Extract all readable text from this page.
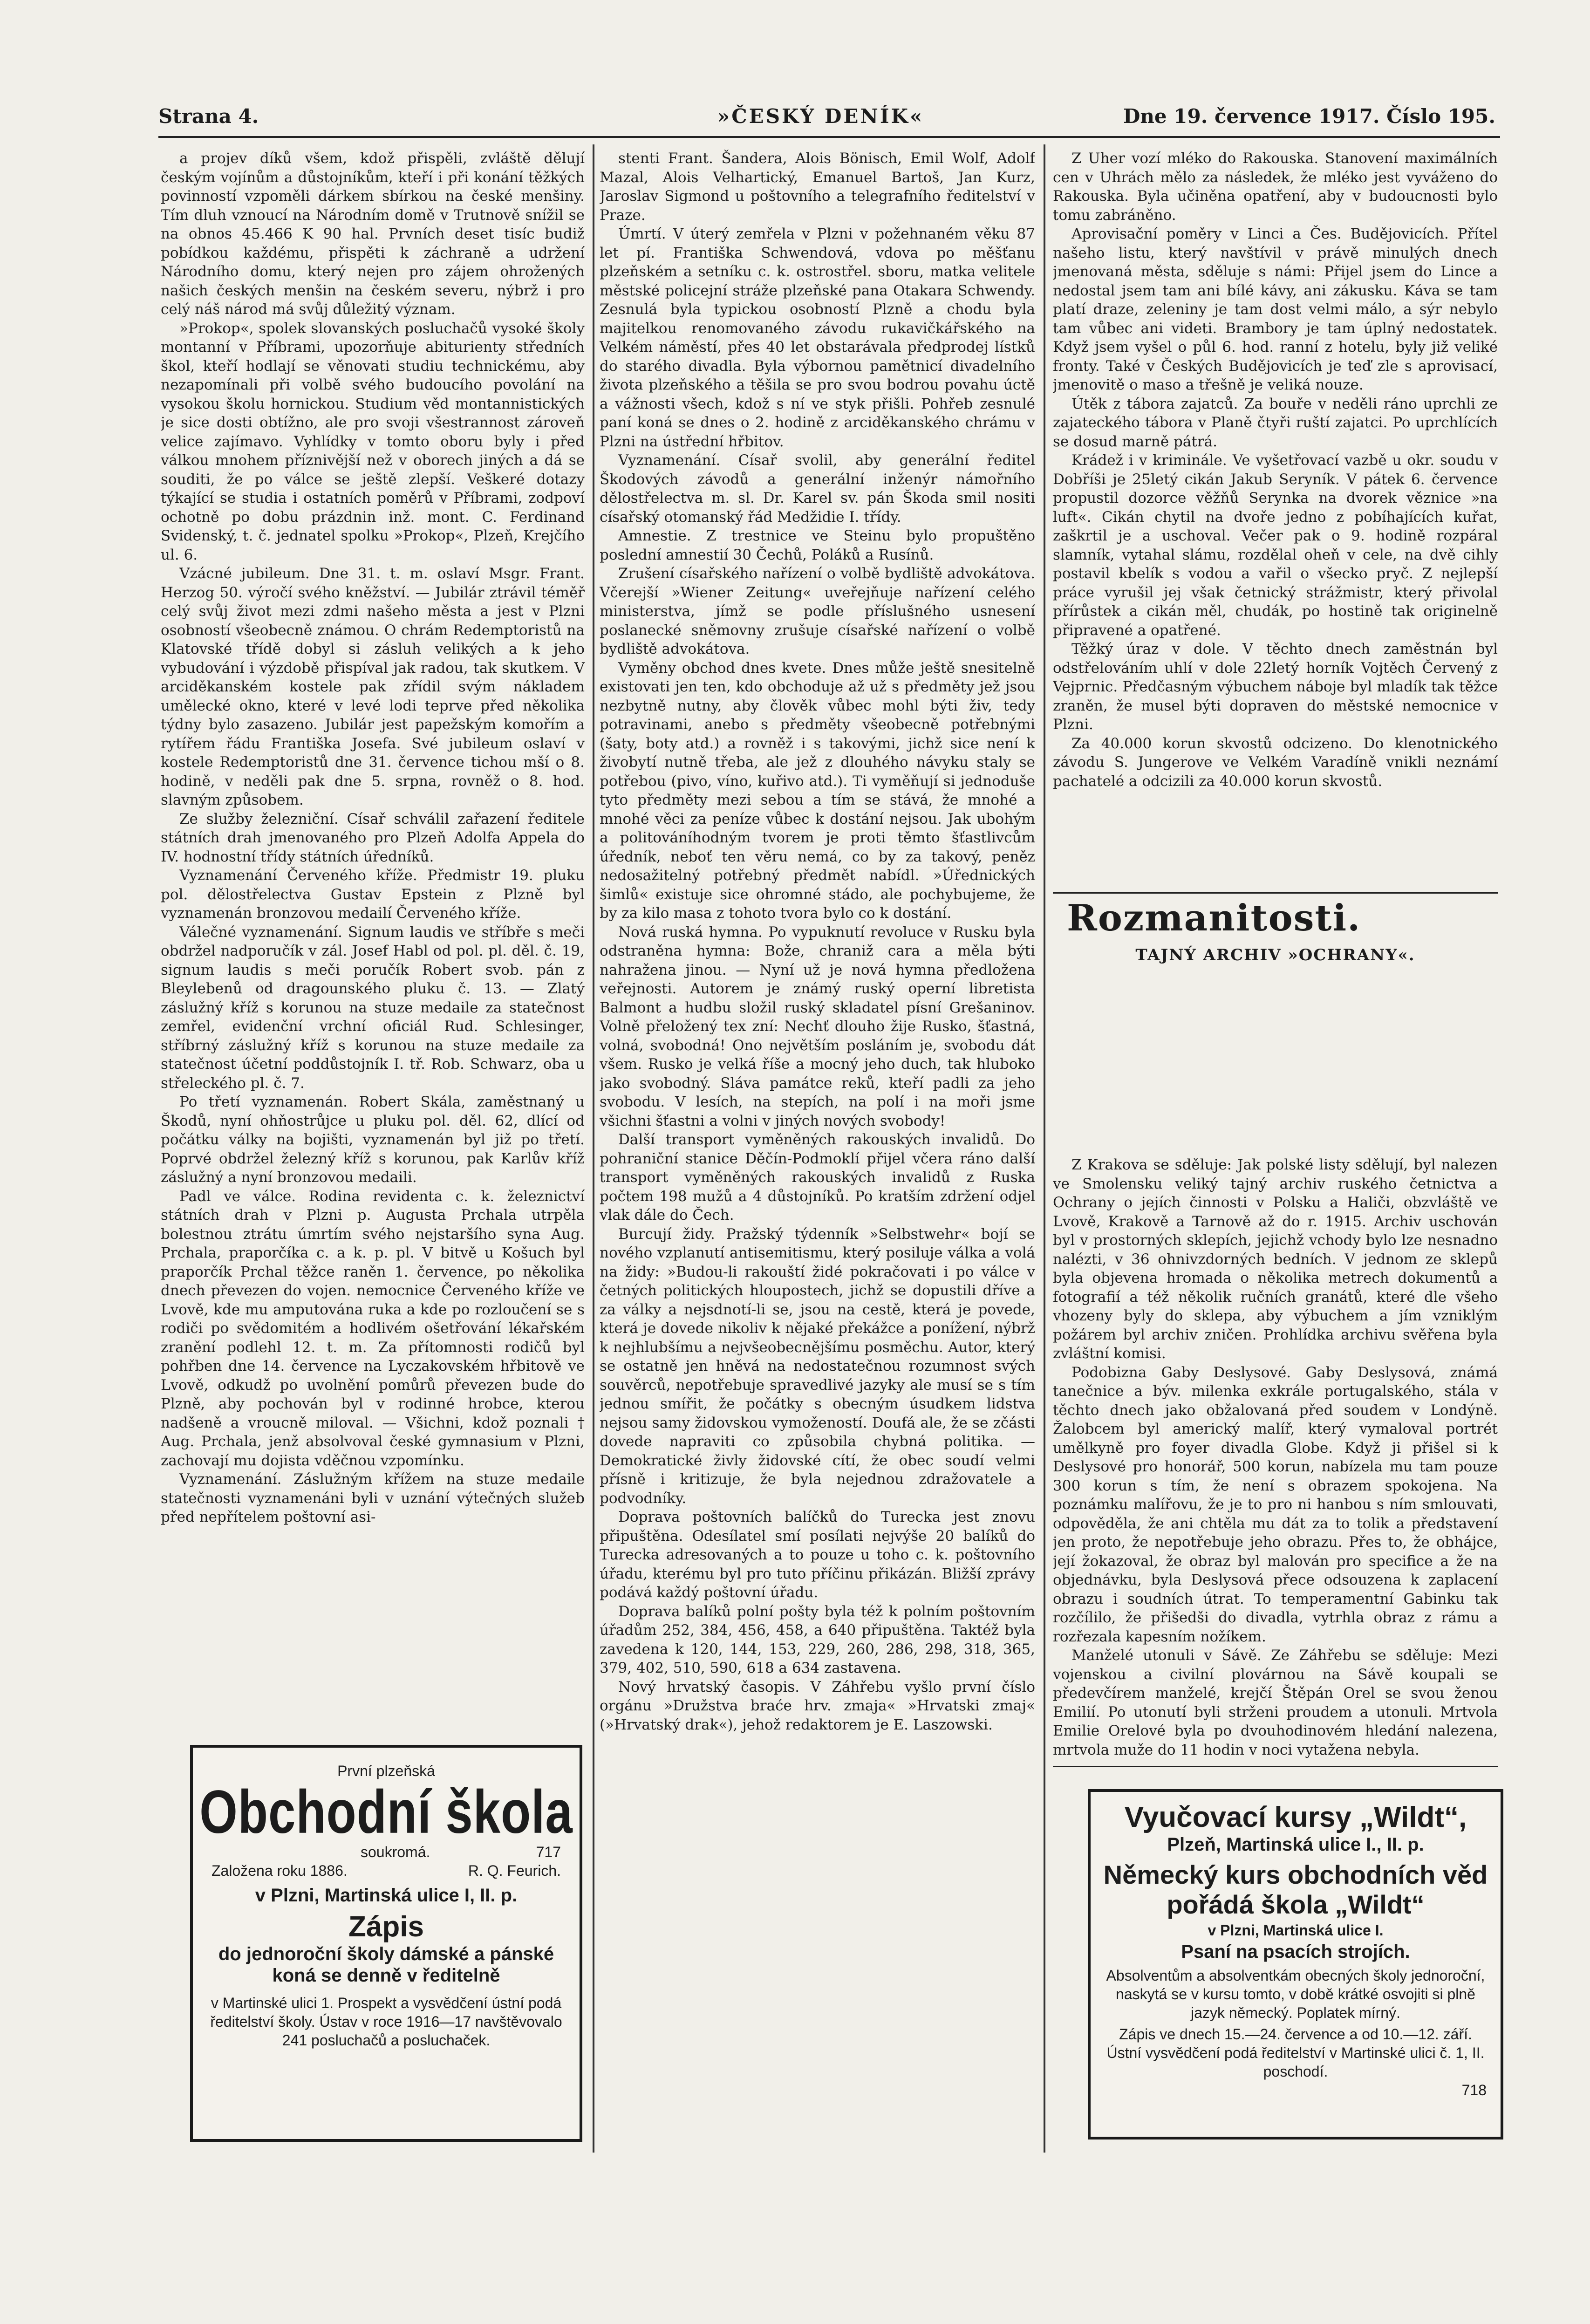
Strana 4.	»ČESKÝ DENÍK«	Dne 19. července 1917. Číslo 195.

a projev díků všem, kdož přispěli, zvláště dělují českým vojínům a důstojníkům, kteří i při konání těžkých povinností vzpoměli dárkem sbírkou na české menšiny. Tím dluh vznoucí na Národním domě v Trutnově snížil se na obnos 45.466 K 90 hal. Prvních deset tisíc budiž pobídkou každému, přispěti k záchraně a udržení Národního domu, který nejen pro zájem ohrožených našich českých menšin na českém severu, nýbrž i pro celý náš národ má svůj důležitý význam.

»Prokop«, spolek slovanských posluchačů vysoké školy montanní v Příbrami, upozorňuje abiturienty středních škol, kteří hodlají se věnovati studiu technickému, aby nezapomínali při volbě svého budoucího povolání na vysokou školu hornickou. Studium věd montannistických je sice dosti obtížno, ale pro svoji všestrannost zároveň velice zajímavo. Vyhlídky v tomto oboru byly i před válkou mnohem příznivější než v oborech jiných a dá se souditi, že po válce se ještě zlepší. Veškeré dotazy týkající se studia i ostatních poměrů v Příbrami, zodpoví ochotně po dobu prázdnin inž. mont. C. Ferdinand Svidenský, t. č. jednatel spolku »Prokop«, Plzeň, Krejčího ul. 6.

Vzácné jubileum. Dne 31. t. m. oslaví Msgr. Frant. Herzog 50. výročí svého kněžství. — Jubilár ztrávil téměř celý svůj život mezi zdmi našeho města a jest v Plzni osobností všeobecně známou. O chrám Redemptoristů na Klatovské třídě dobyl si zásluh velikých a k jeho vybudování i výzdobě přispíval jak radou, tak skutkem. V arciděkanském kostele pak zřídil svým nákladem umělecké okno, které v levé lodi teprve před několika týdny bylo zasazeno. Jubilár jest papežským komořím a rytířem řádu Františka Josefa. Své jubileum oslaví v kostele Redemptoristů dne 31. července tichou mší o 8. hodině, v neděli pak dne 5. srpna, rovněž o 8. hod. slavným způsobem.

Ze služby železniční. Císař schválil zařazení ředitele státních drah jmenovaného pro Plzeň Adolfa Appela do IV. hodnostní třídy státních úředníků.

Vyznamenání Červeného kříže. Předmistr 19. pluku pol. dělostřelectva Gustav Epstein z Plzně byl vyznamenán bronzovou medailí Červeného kříže.

Válečné vyznamenání. Signum laudis ve stříbře s meči obdržel nadporučík v zál. Josef Habl od pol. pl. děl. č. 19, signum laudis s meči poručík Robert svob. pán z Bleylebenů od dragounského pluku č. 13. — Zlatý záslužný kříž s korunou na stuze medaile za statečnost zemřel, evidenční vrchní oficiál Rud. Schlesinger, stříbrný záslužný kříž s korunou na stuze medaile za statečnost účetní poddůstojník I. tř. Rob. Schwarz, oba u střeleckého pl. č. 7.

Po třetí vyznamenán. Robert Skála, zaměstnaný u Škodů, nyní ohňostrůjce u pluku pol. děl. 62, dlící od počátku války na bojišti, vyznamenán byl již po třetí. Poprvé obdržel železný kříž s korunou, pak Karlův kříž záslužný a nyní bronzovou medaili.

Padl ve válce. Rodina revidenta c. k. železnictví státních drah v Plzni p. Augusta Prchala utrpěla bolestnou ztrátu úmrtím svého nejstaršího syna Aug. Prchala, praporčíka c. a k. p. pl. V bitvě u Košuch byl praporčík Prchal těžce raněn 1. července, po několika dnech převezen do vojen. nemocnice Červeného kříže ve Lvově, kde mu amputována ruka a kde po rozloučení se s rodiči po svědomitém a hodlivém ošetřování lékařském zranění podlehl 12. t. m. Za přítomnosti rodičů byl pohřben dne 14. července na Lyczakovském hřbitově ve Lvově, odkudž po uvolnění pomůrů převezen bude do Plzně, aby pochován byl v rodinné hrobce, kterou nadšeně a vroucně miloval. — Všichni, kdož poznali † Aug. Prchala, jenž absolvoval české gymnasium v Plzni, zachovají mu dojista vděčnou vzpomínku.

Vyznamenání. Záslužným křížem na stuze medaile statečnosti vyznamenáni byli v uznání výtečných služeb před nepřítelem poštovní asi-

stenti Frant. Šandera, Alois Bönisch, Emil Wolf, Adolf Mazal, Alois Velhartický, Emanuel Bartoš, Jan Kurz, Jaroslav Sigmond u poštovního a telegrafního ředitelství v Praze.

Úmrtí. V úterý zemřela v Plzni v požehnaném věku 87 let pí. Františka Schwendová, vdova po měšťanu plzeňském a setníku c. k. ostrostřel. sboru, matka velitele městské policejní stráže plzeňské pana Otakara Schwendy. Zesnulá byla typickou osobností Plzně a chodu byla majitelkou renomovaného závodu rukavičkářského na Velkém náměstí, přes 40 let obstarávala předprodej lístků do starého divadla. Byla výbornou pamětnicí divadelního života plzeňského a těšila se pro svou bodrou povahu úctě a vážnosti všech, kdož s ní ve styk přišli. Pohřeb zesnulé paní koná se dnes o 2. hodině z arciděkanského chrámu v Plzni na ústřední hřbitov.

Vyznamenání. Císař svolil, aby generální ředitel Škodových závodů a generální inženýr námořního dělostřelectva m. sl. Dr. Karel sv. pán Škoda smil nositi císařský otomanský řád Medžidie I. třídy.

Amnestie. Z trestnice ve Steinu bylo propuštěno poslední amnestií 30 Čechů, Poláků a Rusínů.

Zrušení císařského nařízení o volbě bydliště advokátova. Včerejší »Wiener Zeitung« uveřejňuje nařízení celého ministerstva, jímž se podle příslušného usnesení poslanecké sněmovny zrušuje císařské nařízení o volbě bydliště advokátova.

Vyměny obchod dnes kvete. Dnes může ještě snesitelně existovati jen ten, kdo obchoduje až už s předměty jež jsou nezbytně nutny, aby člověk vůbec mohl býti živ, tedy potravinami, anebo s předměty všeobecně potřebnými (šaty, boty atd.) a rovněž i s takovými, jichž sice není k živobytí nutně třeba, ale jež z dlouhého návyku staly se potřebou (pivo, víno, kuřivo atd.). Ti vyměňují si jednoduše tyto předměty mezi sebou a tím se stává, že mnohé a mnohé věci za peníze vůbec k dostání nejsou. Jak ubohým a politováníhodným tvorem je proti těmto šťastlivcům úředník, neboť ten věru nemá, co by za takový, peněz nedosažitelný potřebný předmět nabídl. »Úřednických šimlů« existuje sice ohromné stádo, ale pochybujeme, že by za kilo masa z tohoto tvora bylo co k dostání.

Nová ruská hymna. Po vypuknutí revoluce v Rusku byla odstraněna hymna: Bože, chraniž cara a měla býti nahražena jinou. — Nyní už je nová hymna předložena veřejnosti. Autorem je známý ruský operní libretista Balmont a hudbu složil ruský skladatel písní Grešaninov. Volně přeložený tex zní: Nechť dlouho žije Rusko, šťastná, volná, svobodná! Ono největším posláním je, svobodu dát všem. Rusko je velká říše a mocný jeho duch, tak hluboko jako svobodný. Sláva památce reků, kteří padli za jeho svobodu. V lesích, na stepích, na polí i na moři jsme všichni šťastni a volni v jiných nových svobody!

Další transport vyměněných rakouských invalidů. Do pohraniční stanice Děčín-Podmoklí přijel včera ráno další transport vyměněných rakouských invalidů z Ruska počtem 198 mužů a 4 důstojníků. Po kratším zdržení odjel vlak dále do Čech.

Burcují židy. Pražský týdenník »Selbstwehr« bojí se nového vzplanutí antisemitismu, který posiluje válka a volá na židy: »Budou-li rakouští židé pokračovati i po válce v četných politických hloupostech, jichž se dopustili dříve a za války a nejsdnotí-li se, jsou na cestě, která je povede, která je dovede nikoliv k nějaké překážce a ponížení, nýbrž k nejhlubšímu a nejvšeobecnějšímu posměchu. Autor, který se ostatně jen hněvá na nedostatečnou rozumnost svých souvěrců, nepotřebuje spravedlivé jazyky ale musí se s tím jednou smířit, že počátky s obecným úsudkem lidstva nejsou samy židovskou vymožeností. Doufá ale, že se zčásti dovede napraviti co způsobila chybná politika. — Demokratické živly židovské cítí, že obec soudí velmi přísně i kritizuje, že byla nejednou zdražovatele a podvodníky.

Doprava poštovních balíčků do Turecka jest znovu připuštěna. Odesílatel smí posílati nejvýše 20 balíků do Turecka adresovaných a to pouze u toho c. k. poštovního úřadu, kterému byl pro tuto příčinu přikázán. Bližší zprávy podává každý poštovní úřadu.

Doprava balíků polní pošty byla též k polním poštovním úřadům 252, 384, 456, 458, a 640 připuštěna. Taktéž byla zavedena k 120, 144, 153, 229, 260, 286, 298, 318, 365, 379, 402, 510, 590, 618 a 634 zastavena.

Nový hrvatský časopis. V Záhřebu vyšlo první číslo orgánu »Družstva braće hrv. zmaja« »Hrvatski zmaj« (»Hrvatský drak«), jehož redaktorem je E. Laszowski.

Z Uher vozí mléko do Rakouska. Stanovení maximálních cen v Uhrách mělo za následek, že mléko jest vyváženo do Rakouska. Byla učiněna opatření, aby v budoucnosti bylo tomu zabráněno.

Aprovisační poměry v Linci a Čes. Budějovicích. Přítel našeho listu, který navštívil v právě minulých dnech jmenovaná města, sděluje s námi: Přijel jsem do Lince a nedostal jsem tam ani bílé kávy, ani zákusku. Káva se tam platí draze, zeleniny je tam dost velmi málo, a sýr nebylo tam vůbec ani videti. Brambory je tam úplný nedostatek. Když jsem vyšel o půl 6. hod. ranní z hotelu, byly již veliké fronty. Také v Českých Budějovicích je teď zle s aprovisací, jmenovitě o maso a třešně je veliká nouze.

Útěk z tábora zajatců. Za bouře v neděli ráno uprchli ze zajateckého tábora v Planě čtyři ruští zajatci. Po uprchlících se dosud marně pátrá.

Krádež i v kriminále. Ve vyšetřovací vazbě u okr. soudu v Dobříši je 25letý cikán Jakub Seryník. V pátek 6. července propustil dozorce věžňů Serynka na dvorek věznice »na luft«. Cikán chytil na dvoře jedno z pobíhajících kuřat, zaškrtil je a uschoval. Večer pak o 9. hodině rozpáral slamník, vytahal slámu, rozdělal oheň v cele, na dvě cihly postavil kbelík s vodou a vařil o všecko pryč. Z nejlepší práce vyrušil jej však četnický strážmistr, který přivolal přírůstek a cikán měl, chudák, po hostině tak originelně připravené a opatřené.

Těžký úraz v dole. V těchto dnech zaměstnán byl odstřelováním uhlí v dole 22letý horník Vojtěch Červený z Vejprnic. Předčasným výbuchem náboje byl mladík tak těžce zraněn, že musel býti dopraven do městské nemocnice v Plzni.

Za 40.000 korun skvostů odcizeno. Do klenotnického závodu S. Jungerove ve Velkém Varadíně vnikli neznámí pachatelé a odcizili za 40.000 korun skvostů.

Rozmanitosti.
TAJNÝ ARCHIV »OCHRANY«.

Z Krakova se sděluje: Jak polské listy sdělují, byl nalezen ve Smolensku veliký tajný archiv ruského četnictva a Ochrany o jejích činnosti v Polsku a Haliči, obzvláště ve Lvově, Krakově a Tarnově až do r. 1915. Archiv uschován byl v prostorných sklepích, jejichž vchody bylo lze nesnadno nalézti, v 36 ohnivzdorných bedních. V jednom ze sklepů byla objevena hromada o několika metrech dokumentů a fotografií a též několik ručních granátů, které dle všeho vhozeny byly do sklepa, aby výbuchem a jím vzniklým požárem byl archiv zničen. Prohlídka archivu svěřena byla zvláštní komisi.

Podobizna Gaby Deslysové. Gaby Deslysová, známá tanečnice a býv. milenka exkrále portugalského, stála v těchto dnech jako obžalovaná před soudem v Londýně. Žalobcem byl americký malíř, který vymaloval portrét umělkyně pro foyer divadla Globe. Když ji přišel si k Deslysové pro honorář, 500 korun, nabízela mu tam pouze 300 korun s tím, že není s obrazem spokojena. Na poznámku malířovu, že je to pro ni hanbou s ním smlouvati, odpověděla, že ani chtěla mu dát za to tolik a představení jen proto, že nepotřebuje jeho obrazu. Přes to, že obhájce, její žokazoval, že obraz byl malován pro specifice a že na objednávku, byla Deslysová přece odsouzena k zaplacení obrazu i soudních útrat. To temperamentní Gabinku tak rozčílilo, že přišedši do divadla, vytrhla obraz z rámu a rozřezala kapesním nožíkem.

Manželé utonuli v Sávě. Ze Záhřebu se sděluje: Mezi vojenskou a civilní plovárnou na Sávě koupali se předevčírem manželé, krejčí Štěpán Orel se svou ženou Emilií. Po utonutí byli strženi proudem a utonuli. Mrtvola Emilie Orelové byla po dvouhodinovém hledání nalezena, mrtvola muže do 11 hodin v noci vytažena nebyla.

První plzeňská
Obchodní škola
soukromá.	717
Založena roku 1886.	R. Q. Feurich.
v Plzni, Martinská ulice I, II. p.
Zápis
do jednoroční školy dámské a pánské koná se denně v ředitelně
v Martinské ulici 1. Prospekt a vysvědčení ústní podá ředitelství školy. Ústav v roce 1916—17 navštěvovalo 241 posluchačů a posluchaček.
Vyučovací kursy „Wildt“,
Plzeň, Martinská ulice I., II. p.
Německý kurs obchodních věd pořádá škola „Wildt“
v Plzni, Martinská ulice I.
Psaní na psacích strojích.
Absolventům a absolventkám obecných školy jednoroční, naskytá se v kursu tomto, v době krátké osvojiti si plně jazyk německý. Poplatek mírný.
Zápis ve dnech 15.—24. července a od 10.—12. září. Ústní vysvědčení podá ředitelství v Martinské ulici č. 1, II. poschodí.
718
